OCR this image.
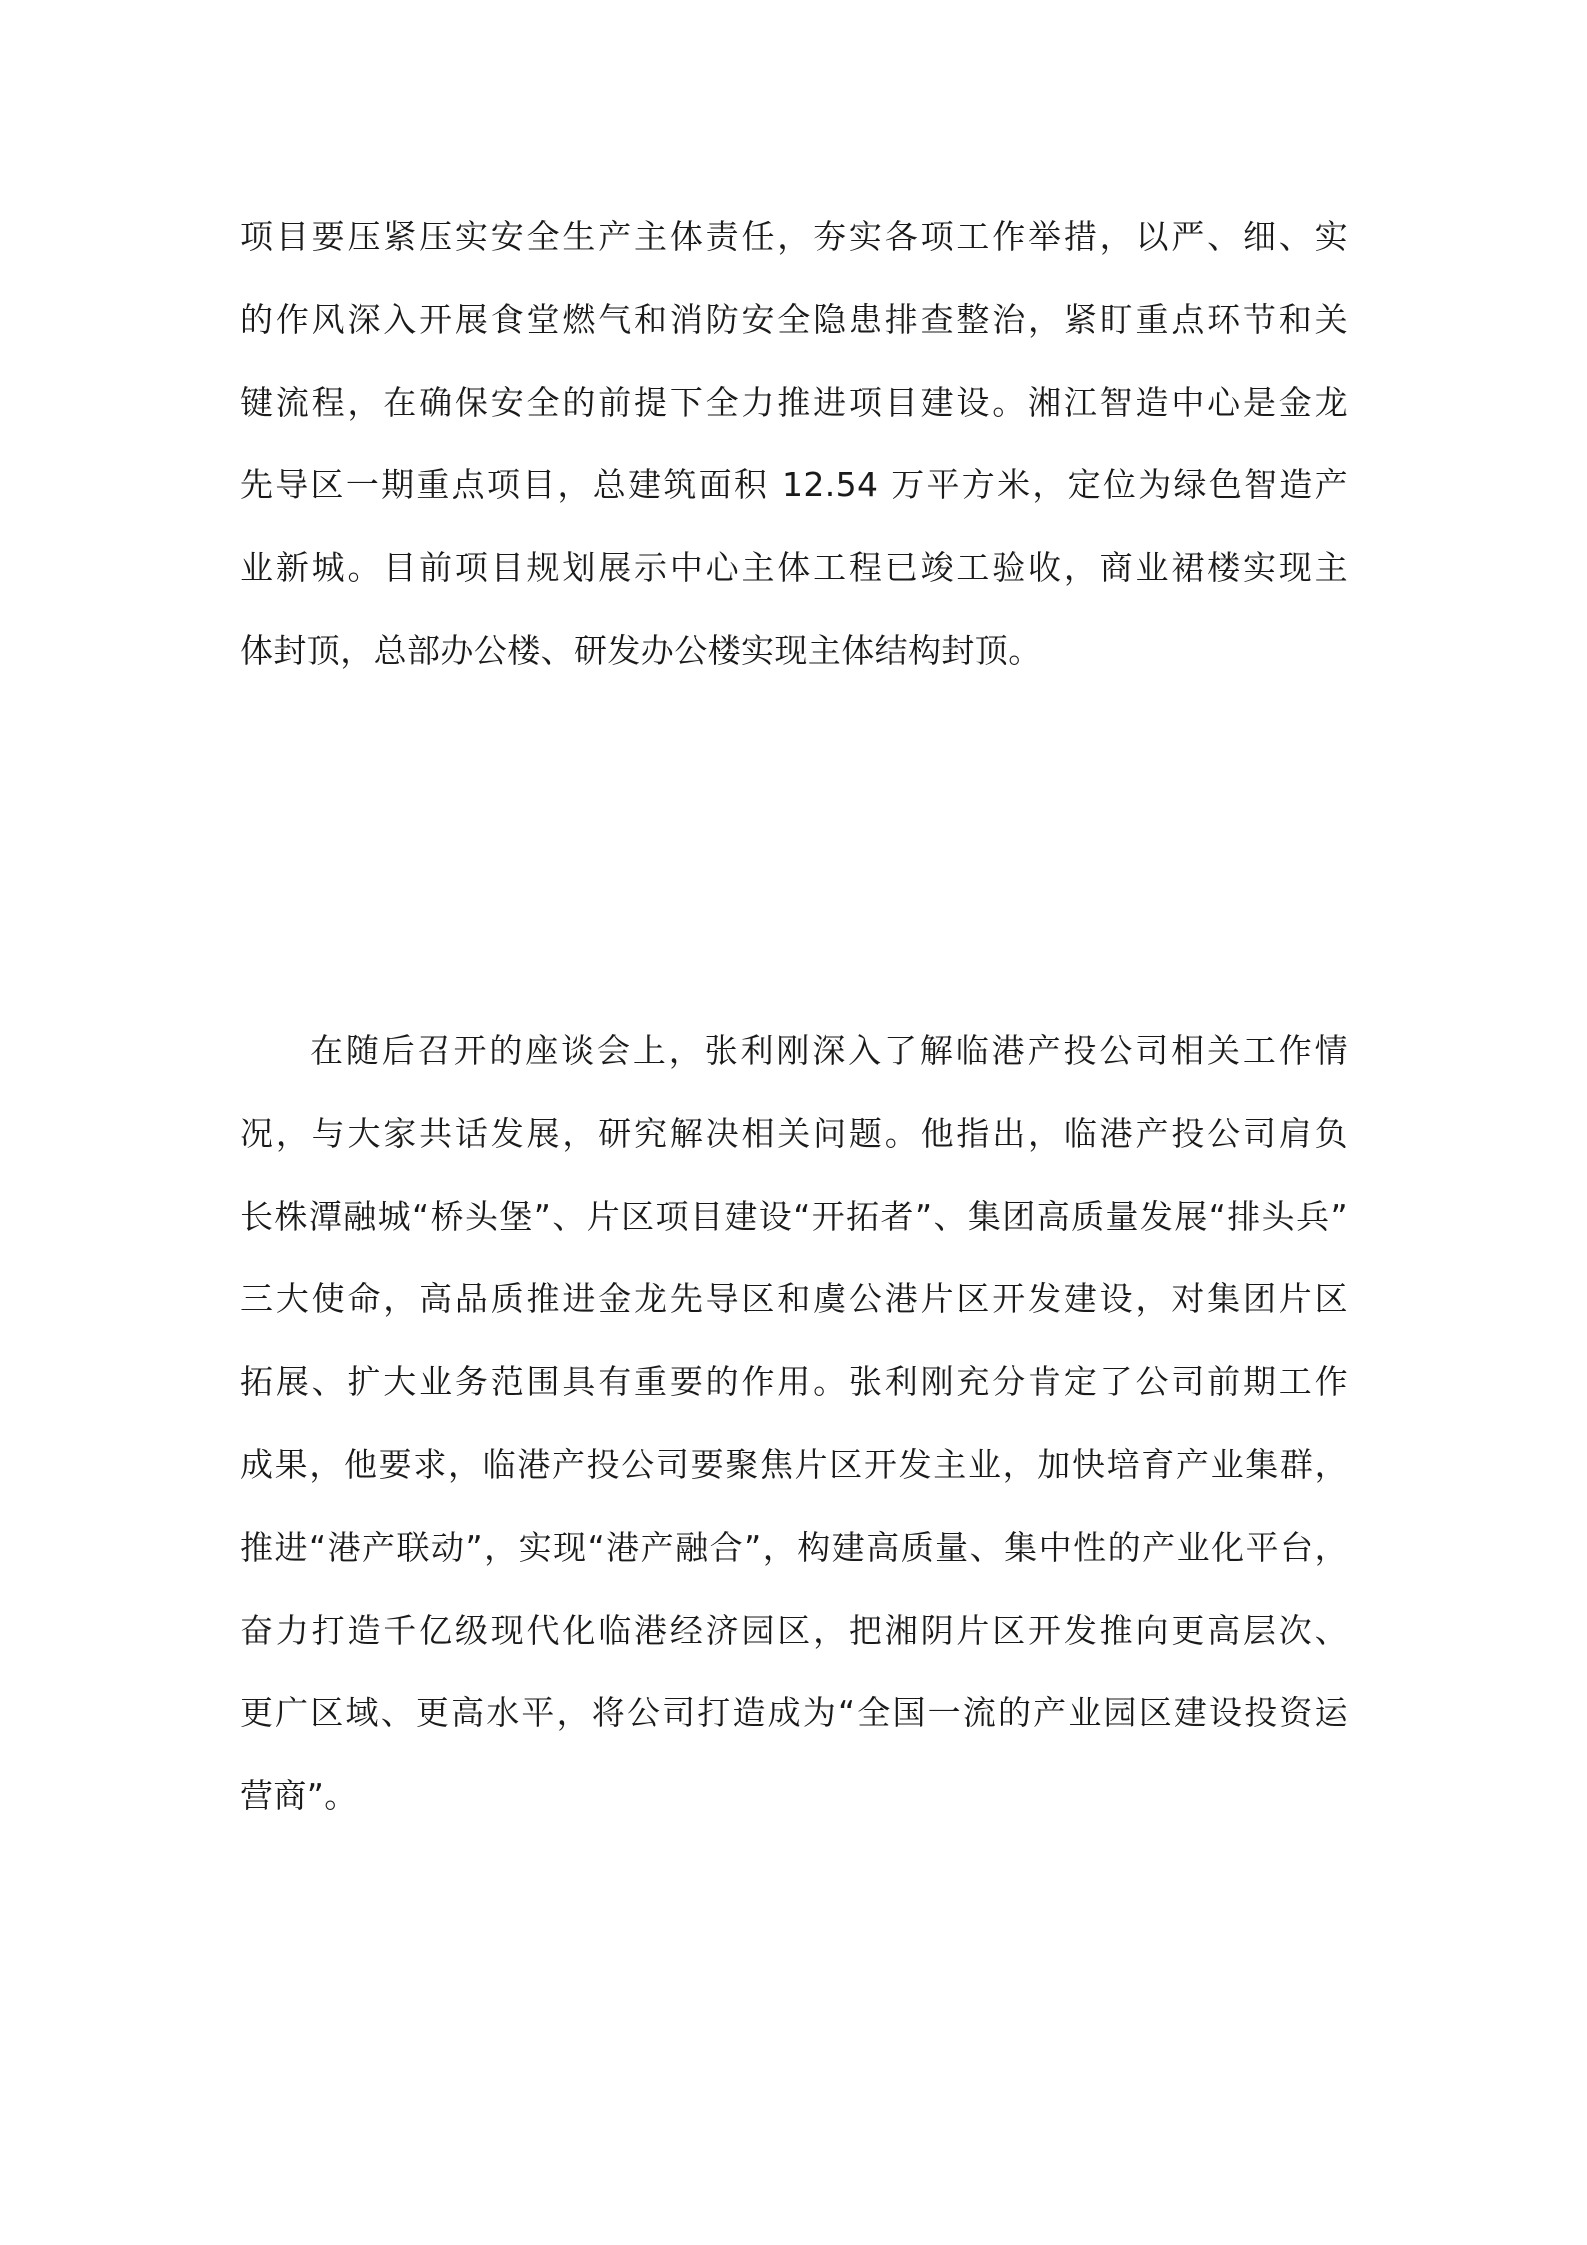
项目要压紧压实安全生产主体责任，夯实各项工作举措，以严、细、实
的作风深入开展食堂燃气和消防安全隐患排查整治，紧盯重点环节和关
键流程，在确保安全的前提下全力推进项目建设。湘江智造中心是金龙
先导区一期重点项目，总建筑面积 12.54 万平方米，定位为绿色智造产
业新城。目前项目规划展示中心主体工程已竣工验收，商业裙楼实现主
体封顶，总部办公楼、研发办公楼实现主体结构封顶。
在随后召开的座谈会上，张利刚深入了解临港产投公司相关工作情
况，与大家共话发展，研究解决相关问题。他指出，临港产投公司肩负
长株潭融城“桥头堡”、片区项目建设“开拓者”、集团高质量发展“排头兵”
三大使命，高品质推进金龙先导区和虞公港片区开发建设，对集团片区
拓展、扩大业务范围具有重要的作用。张利刚充分肯定了公司前期工作
成果，他要求，临港产投公司要聚焦片区开发主业，加快培育产业集群，
推进“港产联动”，实现“港产融合”，构建高质量、集中性的产业化平台，
奋力打造千亿级现代化临港经济园区，把湘阴片区开发推向更高层次、
更广区域、更高水平，将公司打造成为“全国一流的产业园区建设投资运
营商”。
